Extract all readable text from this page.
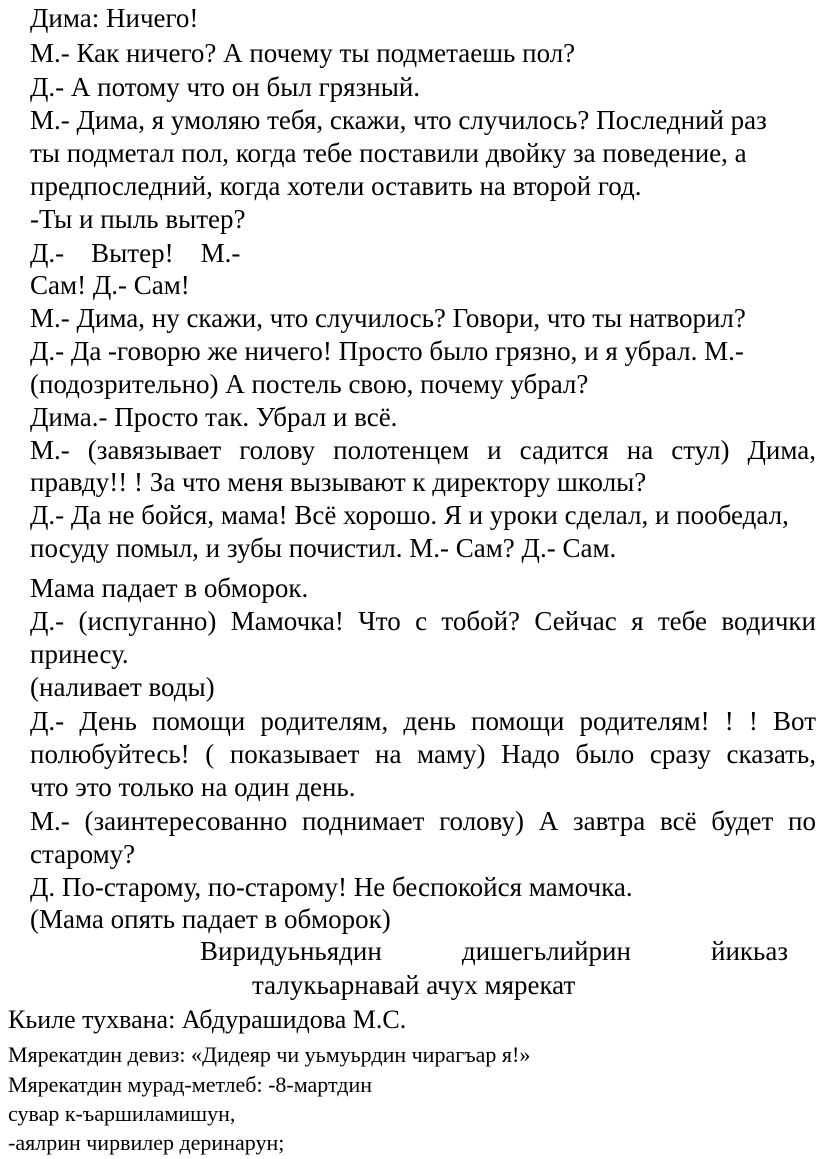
Дима: Ничего!

М.- Как ничего? А почему ты подметаешь пол?

Д.- А потому что он был грязный.

М.- Дима, я умоляю тебя, скажи, что случилось? Последний раз

ты подметал пол, когда тебе поставили двойку за поведение, а

предпоследний, когда хотели оставить на второй год.

-Ты и пыль вытер?

Д.-    Вытер!    М.-

Сам! Д.- Сам!

М.- Дима, ну скажи, что случилось? Говори, что ты натворил?

Д.- Да -говорю же ничего! Просто было грязно, и я убрал. М.-

(подозрительно) А постель свою, почему убрал?

Дима.- Просто так. Убрал и всё.

М.- (завязывает голову полотенцем и садится на стул) Дима,

правду!! ! За что меня вызывают к директору школы?

Д.- Да не бойся, мама! Всё хорошо. Я и уроки сделал, и пообедал,

посуду помыл, и зубы почистил. М.- Сам? Д.- Сам.

Мама падает в обморок.

Д.- (испуганно) Мамочка! Что с тобой? Сейчас я тебе водички

принесу.

(наливает воды)

Д.- День помощи родителям, день помощи родителям! ! ! Вот

полюбуйтесь! ( показывает на маму) Надо было сразу сказать,

что это только на один день.

М.- (заинтересованно поднимает голову) А завтра всё будет по

старому?

Д. По-старому, по-старому! Не беспокойся мамочка.

(Мама опять падает в обморок)

Виридуьньядин	дишегьлийрин	йикьаз

талукьарнавай ачух мярекат

Кьиле тухвана: Абдурашидова М.С.

Мярекатдин девиз: «Дидеяр чи уьмуьрдин чирагъар я!»

Мярекатдин мурад-метлеб: -8-мартдин

сувар к-ъаршиламишун,

-аялрин чирвилер деринарун;
